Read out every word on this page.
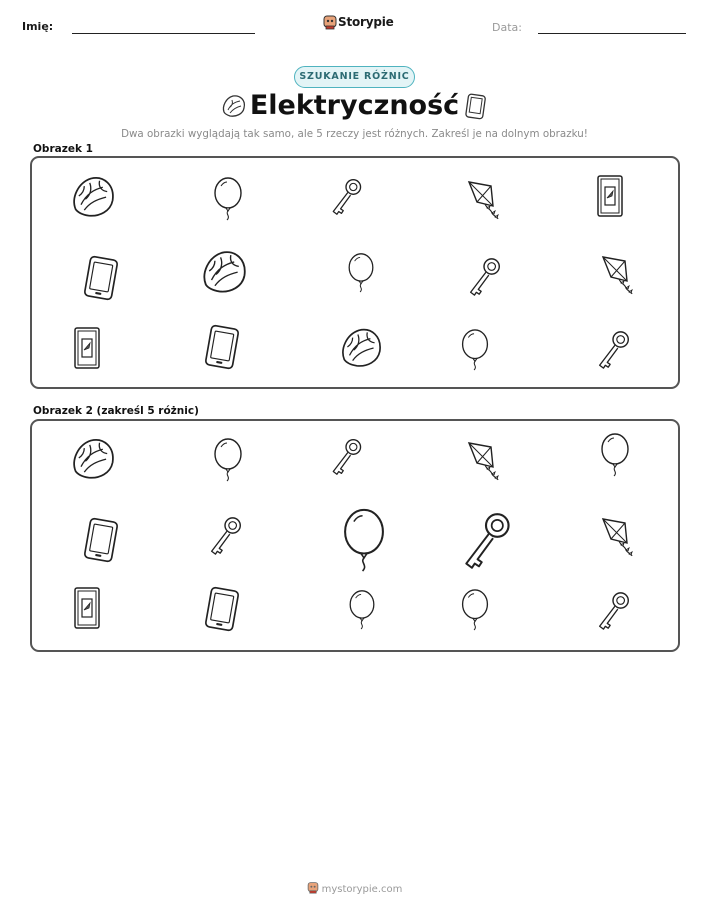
Imię:	Storypie	Data:
SZUKANIE RÓŻNIC
Elektryczność
Dwa obrazki wyglądają tak samo, ale 5 rzeczy jest różnych. Zakreśl je na dolnym obrazku!
Obrazek 1
Obrazek 2 (zakreśl 5 różnic)
mystorypie.com
